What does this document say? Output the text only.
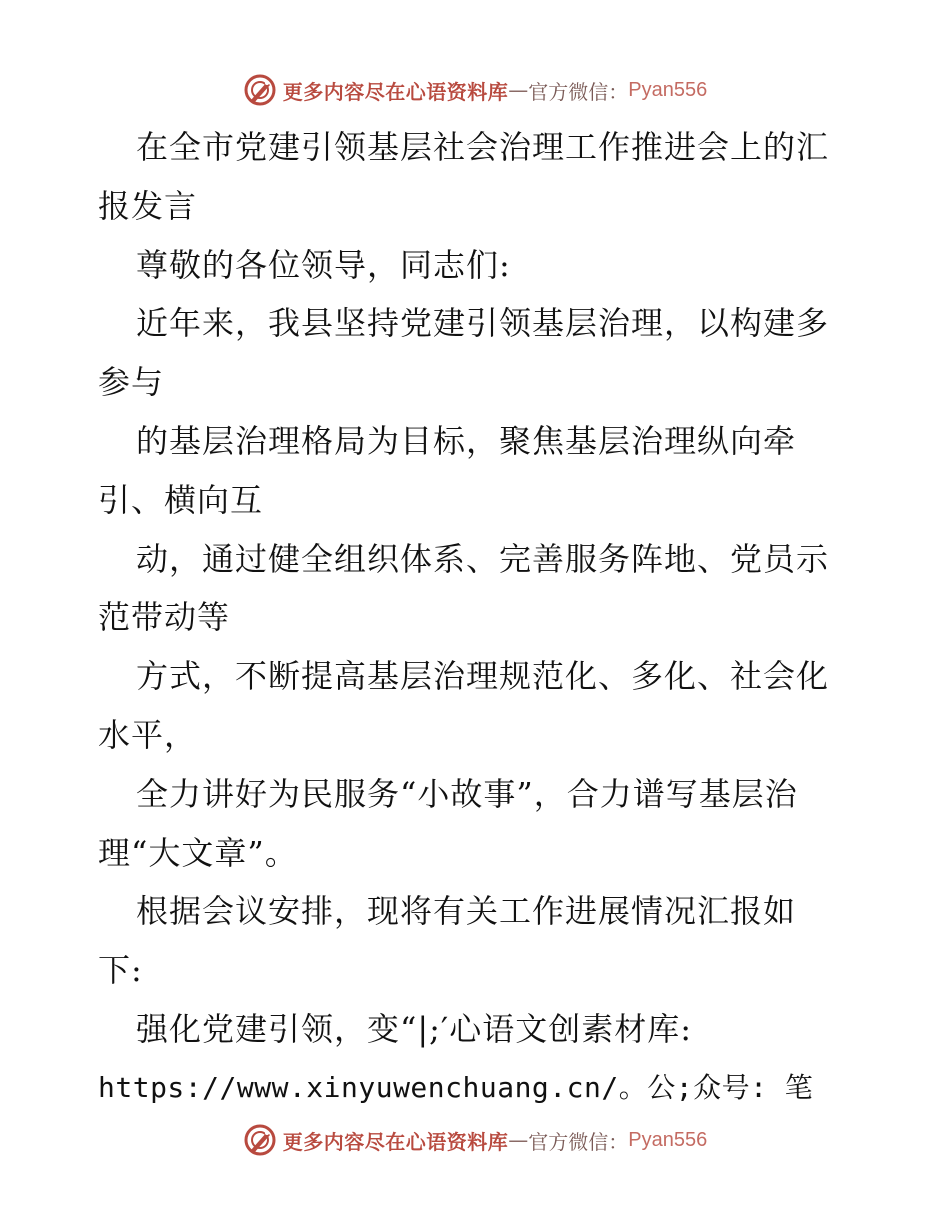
更多内容尽在心语资料库 — 官方微信： Pyan556
在全市党建引领基层社会治理工作推进会上的汇
报发言
尊敬的各位领导，同志们:
近年来，我县坚持党建引领基层治理，以构建多
参与
的基层治理格局为目标，聚焦基层治理纵向牵
引、横向互
动，通过健全组织体系、完善服务阵地、党员示
范带动等
方式，不断提高基层治理规范化、多化、社会化
水平，
全力讲好为民服务“小故事”，合力谱写基层治
理“大文章”。
根据会议安排，现将有关工作进展情况汇报如
下:
强化党建引领，变“|;′心语文创素材库:
https://www.xinyuwenchuang.cn/。公;众号: 笔
更多内容尽在心语资料库 — 官方微信： Pyan556
